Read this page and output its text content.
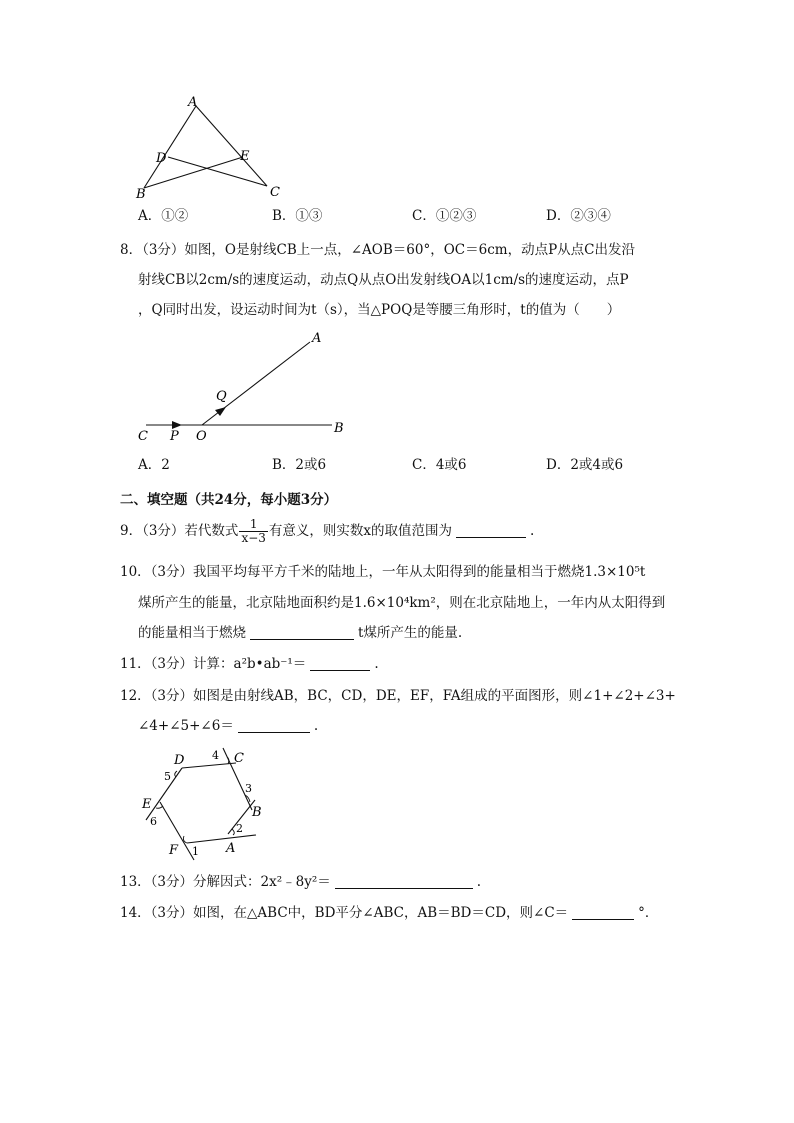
A
B	C
D	E
A．①②	B．①③	C．①②③	D．②③④
8．（3分）如图，O是射线CB上一点，∠AOB＝60°，OC＝6cm，动点P从点C出发沿
射线CB以2cm/s的速度运动，动点Q从点O出发射线OA以1cm/s的速度运动，点P
，Q同时出发，设运动时间为t（s），当△POQ是等腰三角形时，t的值为（　　）
A
B
C P O
Q
A．2	B．2或6	C．4或6	D．2或4或6
二、填空题（共24分，每小题3分）
9．（3分）若代数式 $\frac{1}{x-3}$ 有意义，则实数x的取值范围为	.
10．（3分）我国平均每平方千米的陆地上，一年从太阳得到的能量相当于燃烧1.3×10⁵t
煤所产生的能量，北京陆地面积约是1.6×10⁴km²，则在北京陆地上，一年内从太阳得到
的能量相当于燃烧	t煤所产生的能量.
11．（3分）计算：a²b•ab⁻¹＝	.
12．（3分）如图是由射线AB，BC，CD，DE，EF，FA组成的平面图形，则∠1+∠2+∠3+
∠4+∠5+∠6＝	.
A
B
C
D
E
F 1
2
3
4
5
6
13．（3分）分解因式：2x²﹣8y²＝	.
14．（3分）如图，在△ABC中，BD平分∠ABC，AB＝BD＝CD，则∠C＝	°．
